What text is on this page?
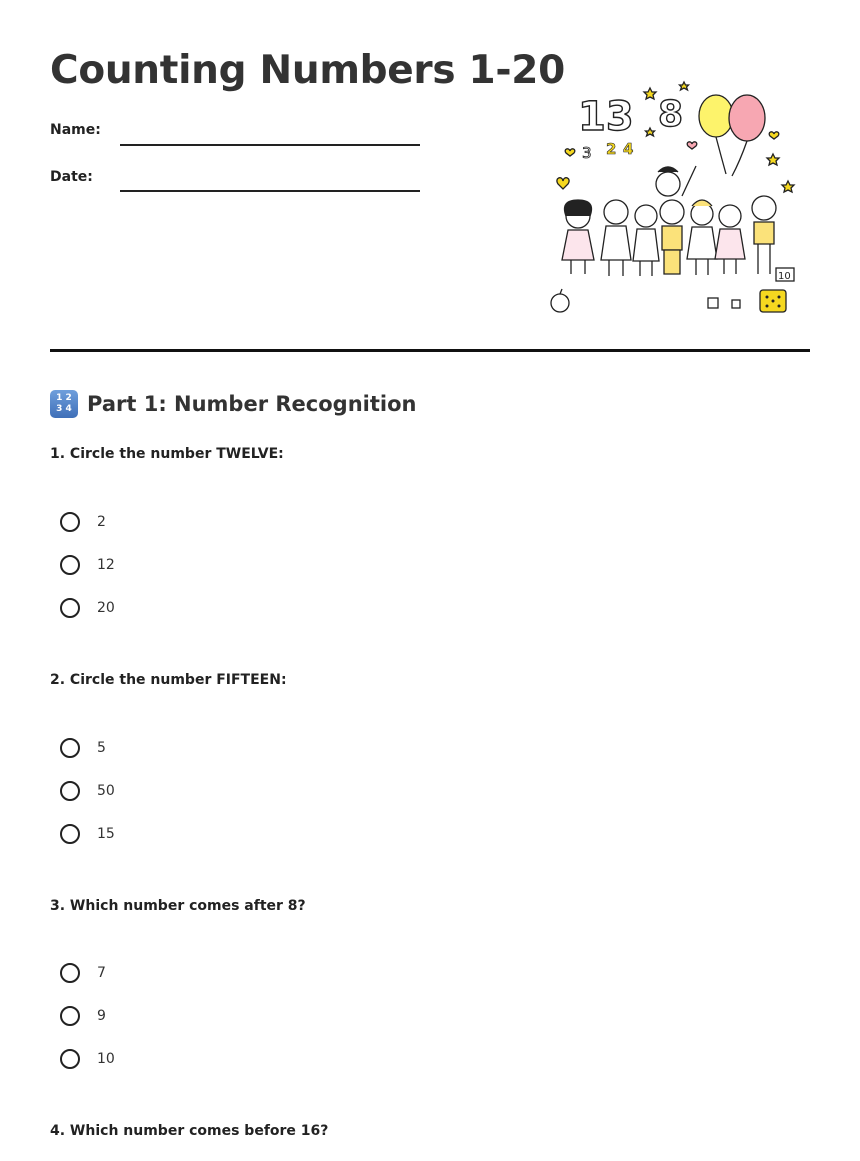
Counting Numbers 1-20
Name:
Date:
13 8
3 2 4
10
1 2
3 4 Part 1: Number Recognition

1. Circle the number TWELVE:

2
12
20

2. Circle the number FIFTEEN:

5
50
15

3. Which number comes after 8?

7
9
10

4. Which number comes before 16?
